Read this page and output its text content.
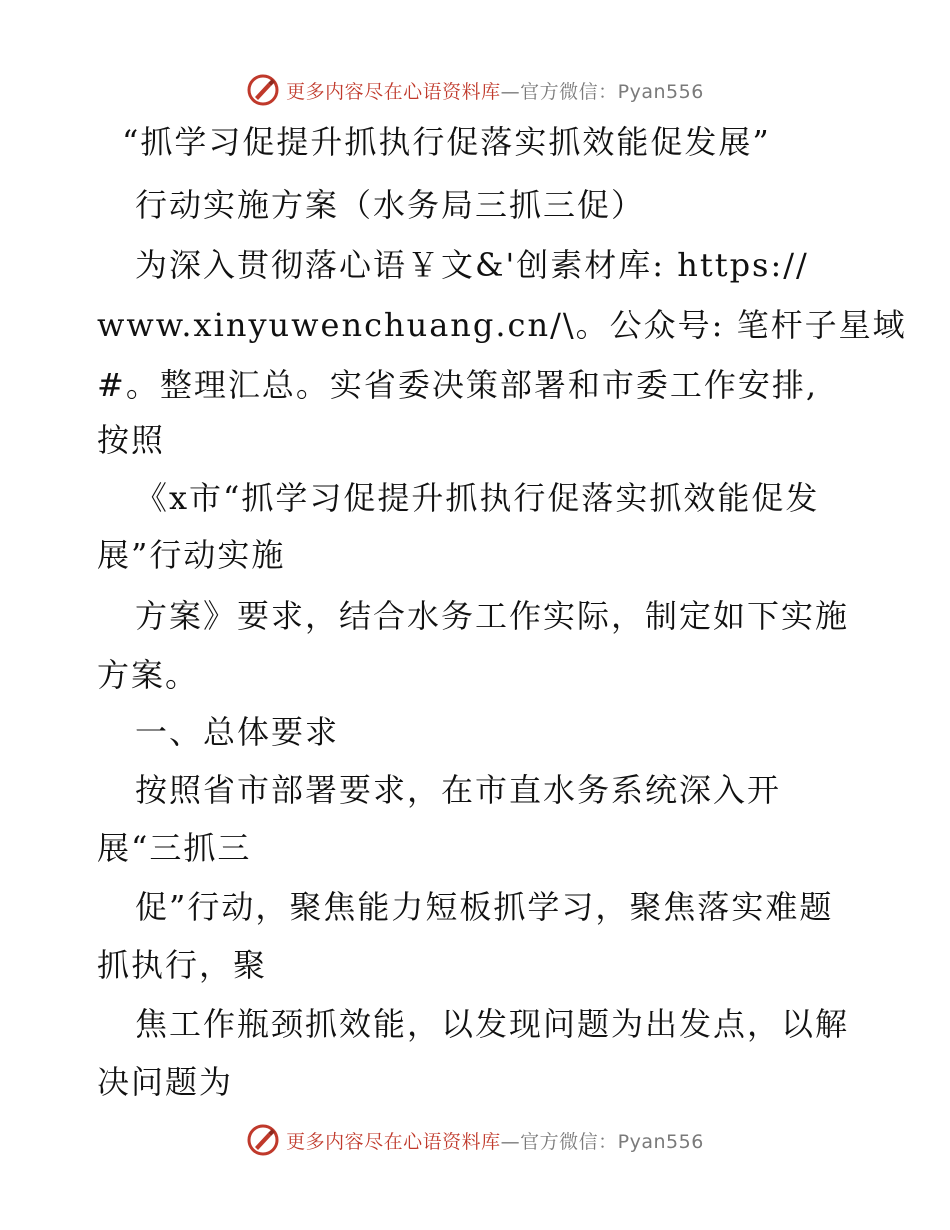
更多内容尽在心语资料库—官方微信：Pyan556
“抓学习促提升抓执行促落实抓效能促发展”
行动实施方案（水务局三抓三促）
为深入贯彻落心语￥文&'创素材库: https://
www.xinyuwenchuang.cn/\。公众号: 笔杆子星域
#。整理汇总。实省委决策部署和市委工作安排,
按照
《x市“抓学习促提升抓执行促落实抓效能促发
展”行动实施
方案》要求，结合水务工作实际，制定如下实施
方案。
一、总体要求
按照省市部署要求，在市直水务系统深入开
展“三抓三
促”行动，聚焦能力短板抓学习，聚焦落实难题
抓执行，聚
焦工作瓶颈抓效能，以发现问题为出发点，以解
决问题为
更多内容尽在心语资料库—官方微信：Pyan556
